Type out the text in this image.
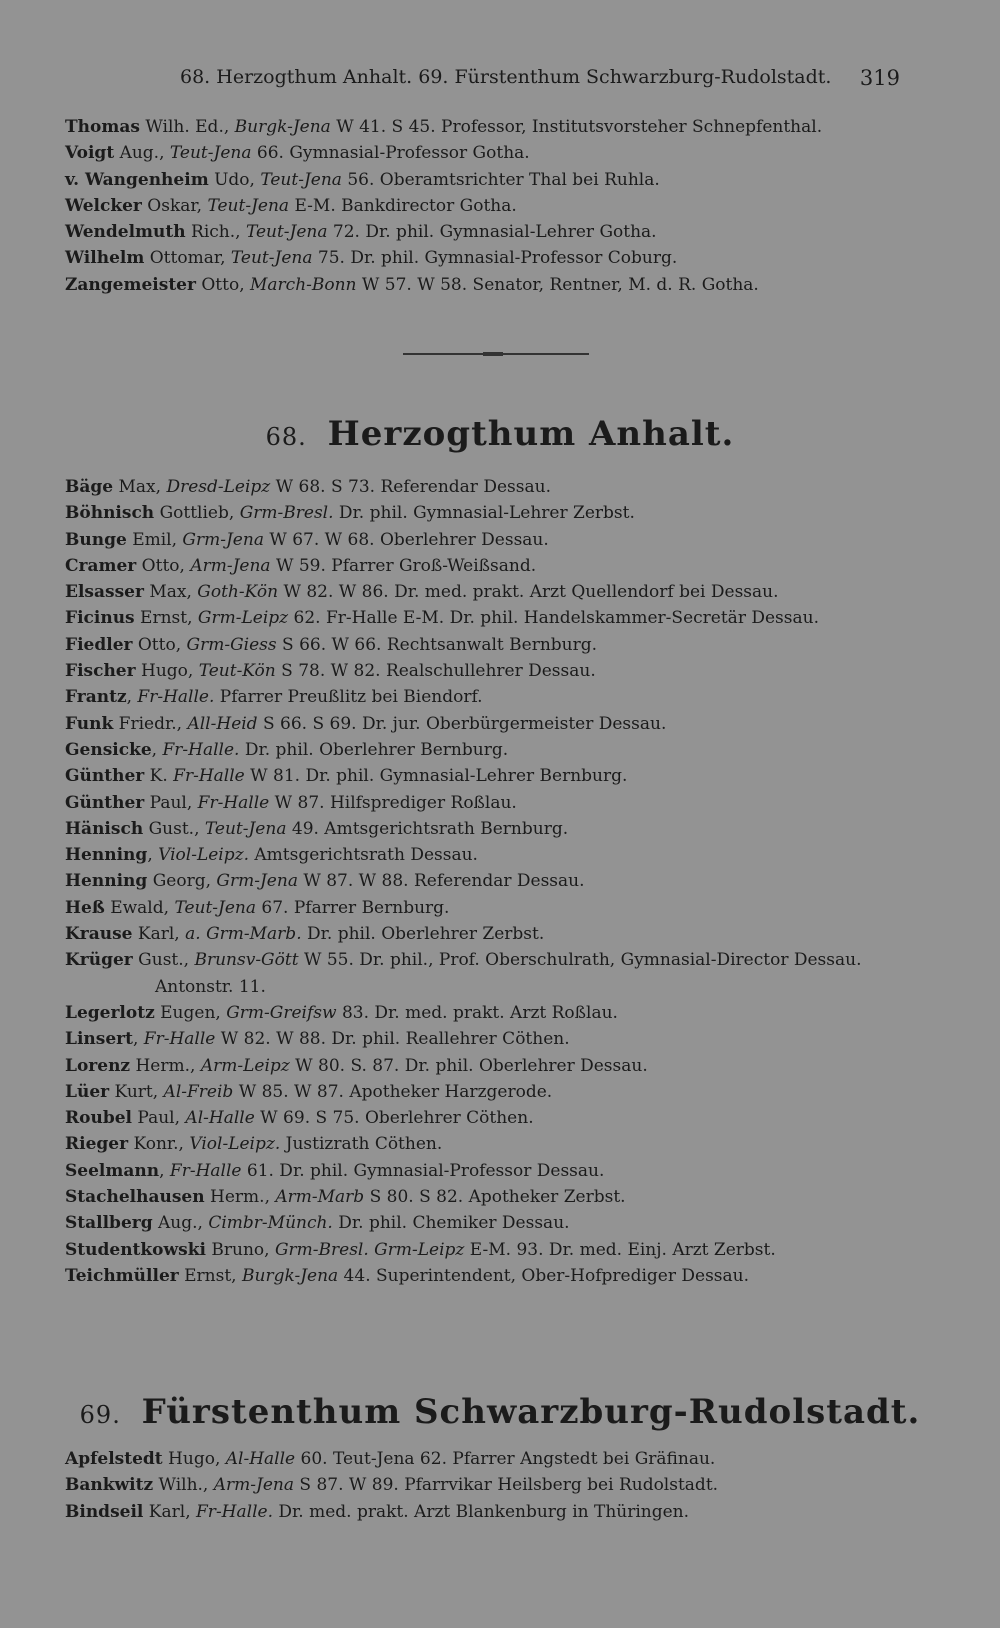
68. Herzogthum Anhalt. 69. Fürstenthum Schwarzburg-Rudolstadt. 319
Thomas Wilh. Ed., Burgk-Jena W 41. S 45. Professor, Institutsvorsteher Schnepfenthal.
Voigt Aug., Teut-Jena 66. Gymnasial-Professor Gotha.
v. Wangenheim Udo, Teut-Jena 56. Oberamtsrichter Thal bei Ruhla.
Welcker Oskar, Teut-Jena E-M. Bankdirector Gotha.
Wendelmuth Rich., Teut-Jena 72. Dr. phil. Gymnasial-Lehrer Gotha.
Wilhelm Ottomar, Teut-Jena 75. Dr. phil. Gymnasial-Professor Coburg.
Zangemeister Otto, March-Bonn W 57. W 58. Senator, Rentner, M. d. R. Gotha.
68. Herzogthum Anhalt.
Bäge Max, Dresd-Leipz W 68. S 73. Referendar Dessau.
Böhnisch Gottlieb, Grm-Bresl. Dr. phil. Gymnasial-Lehrer Zerbst.
Bunge Emil, Grm-Jena W 67. W 68. Oberlehrer Dessau.
Cramer Otto, Arm-Jena W 59. Pfarrer Groß-Weißsand.
Elsasser Max, Goth-Kön W 82. W 86. Dr. med. prakt. Arzt Quellendorf bei Dessau.
Ficinus Ernst, Grm-Leipz 62. Fr-Halle E-M. Dr. phil. Handelskammer-Secretär Dessau.
Fiedler Otto, Grm-Giess S 66. W 66. Rechtsanwalt Bernburg.
Fischer Hugo, Teut-Kön S 78. W 82. Realschullehrer Dessau.
Frantz, Fr-Halle. Pfarrer Preußlitz bei Biendorf.
Funk Friedr., All-Heid S 66. S 69. Dr. jur. Oberbürgermeister Dessau.
Gensicke, Fr-Halle. Dr. phil. Oberlehrer Bernburg.
Günther K. Fr-Halle W 81. Dr. phil. Gymnasial-Lehrer Bernburg.
Günther Paul, Fr-Halle W 87. Hilfsprediger Roßlau.
Hänisch Gust., Teut-Jena 49. Amtsgerichtsrath Bernburg.
Henning, Viol-Leipz. Amtsgerichtsrath Dessau.
Henning Georg, Grm-Jena W 87. W 88. Referendar Dessau.
Heß Ewald, Teut-Jena 67. Pfarrer Bernburg.
Krause Karl, a. Grm-Marb. Dr. phil. Oberlehrer Zerbst.
Krüger Gust., Brunsv-Gött W 55. Dr. phil., Prof. Oberschulrath, Gymnasial-Director Dessau.
Antonstr. 11.
Legerlotz Eugen, Grm-Greifsw 83. Dr. med. prakt. Arzt Roßlau.
Linsert, Fr-Halle W 82. W 88. Dr. phil. Reallehrer Cöthen.
Lorenz Herm., Arm-Leipz W 80. S. 87. Dr. phil. Oberlehrer Dessau.
Lüer Kurt, Al-Freib W 85. W 87. Apotheker Harzgerode.
Roubel Paul, Al-Halle W 69. S 75. Oberlehrer Cöthen.
Rieger Konr., Viol-Leipz. Justizrath Cöthen.
Seelmann, Fr-Halle 61. Dr. phil. Gymnasial-Professor Dessau.
Stachelhausen Herm., Arm-Marb S 80. S 82. Apotheker Zerbst.
Stallberg Aug., Cimbr-Münch. Dr. phil. Chemiker Dessau.
Studentkowski Bruno, Grm-Bresl. Grm-Leipz E-M. 93. Dr. med. Einj. Arzt Zerbst.
Teichmüller Ernst, Burgk-Jena 44. Superintendent, Ober-Hofprediger Dessau.
69. Fürstenthum Schwarzburg-Rudolstadt.
Apfelstedt Hugo, Al-Halle 60. Teut-Jena 62. Pfarrer Angstedt bei Gräfinau.
Bankwitz Wilh., Arm-Jena S 87. W 89. Pfarrvikar Heilsberg bei Rudolstadt.
Bindseil Karl, Fr-Halle. Dr. med. prakt. Arzt Blankenburg in Thüringen.
